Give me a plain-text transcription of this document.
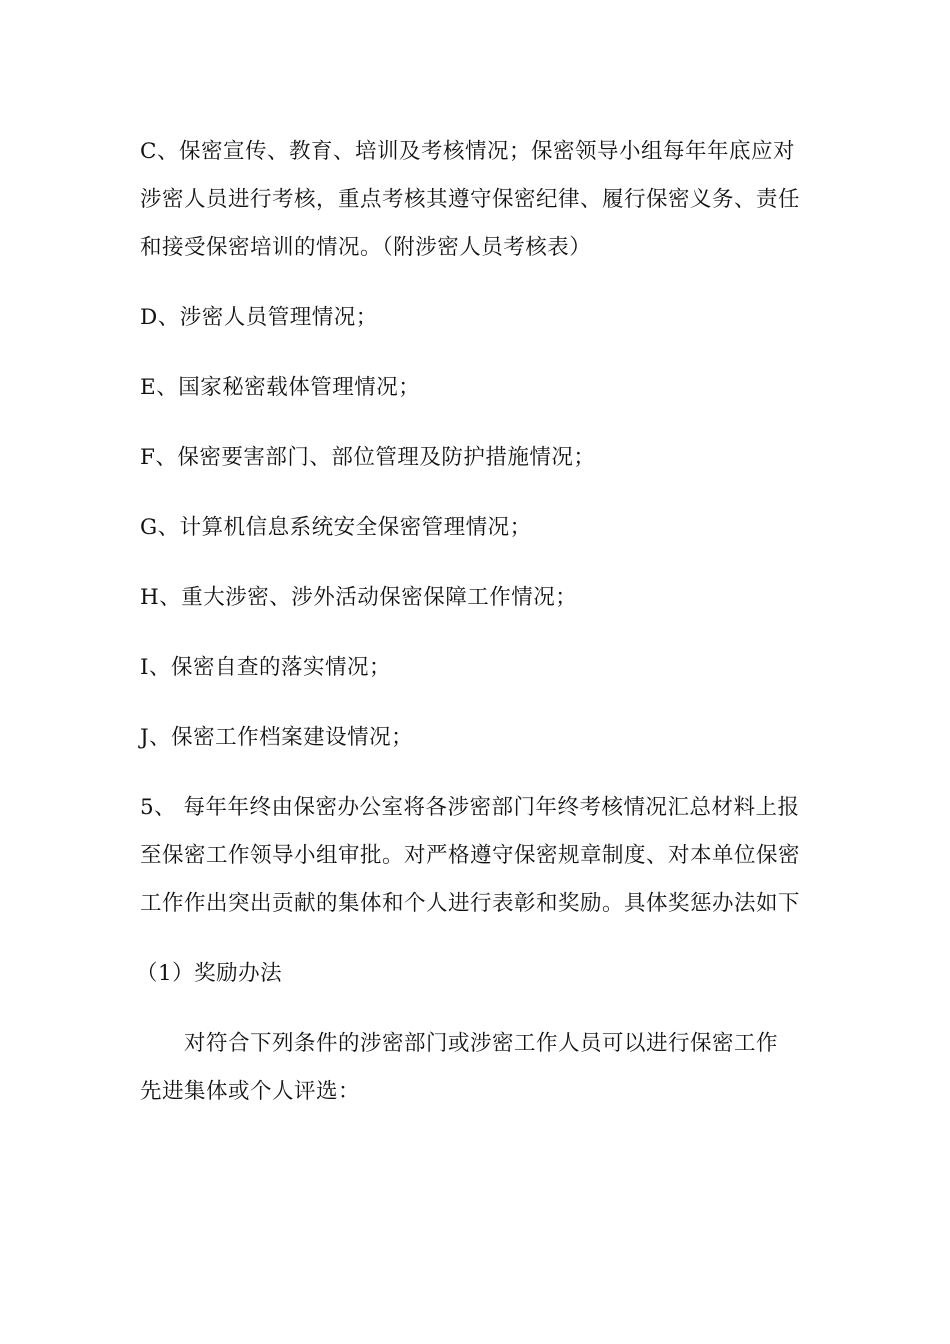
C、保密宣传、教育、培训及考核情况；保密领导小组每年年底应对

涉密人员进行考核，重点考核其遵守保密纪律、履行保密义务、责任

和接受保密培训的情况。（附涉密人员考核表）

D、涉密人员管理情况；

E、国家秘密载体管理情况；

F、保密要害部门、部位管理及防护措施情况；

G、计算机信息系统安全保密管理情况；

H、重大涉密、涉外活动保密保障工作情况；

I、保密自查的落实情况；

J、保密工作档案建设情况；

5、 每年年终由保密办公室将各涉密部门年终考核情况汇总材料上报

至保密工作领导小组审批。对严格遵守保密规章制度、对本单位保密

工作作出突出贡献的集体和个人进行表彰和奖励。具体奖惩办法如下

（1）奖励办法

对符合下列条件的涉密部门或涉密工作人员可以进行保密工作

先进集体或个人评选：
